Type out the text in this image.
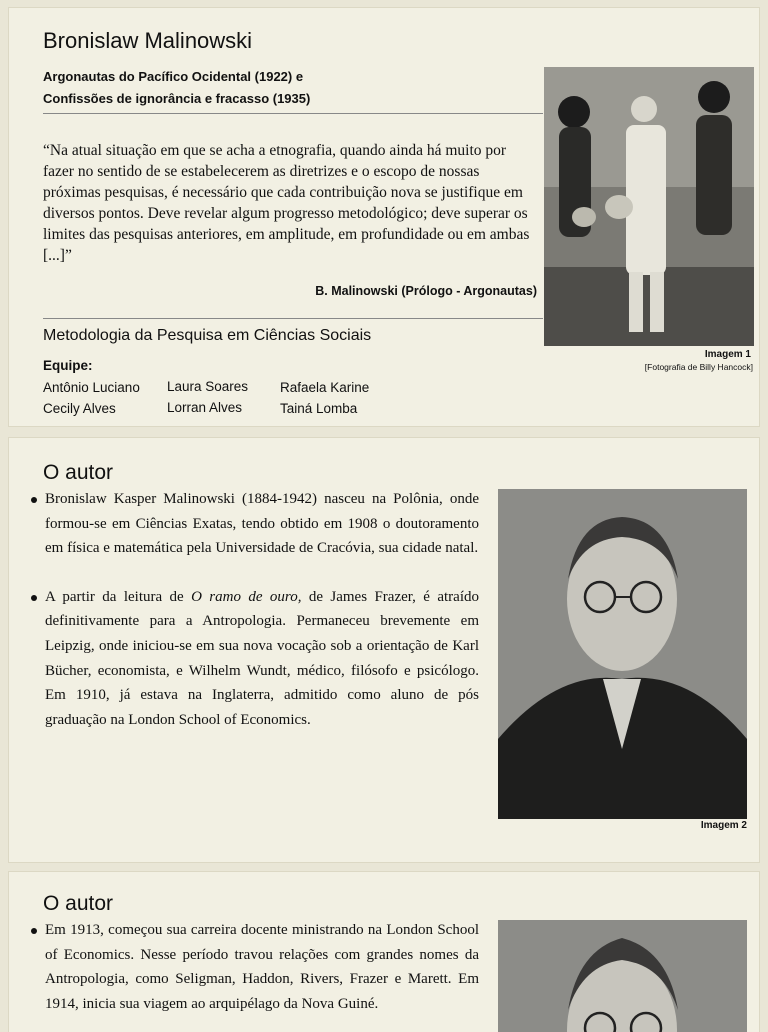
Bronislaw Malinowski
Argonautas do Pacífico Ocidental (1922) e
Confissões de ignorância e fracasso (1935)
“Na atual situação em que se acha a etnografia, quando ainda há muito por fazer no sentido de se estabelecerem as diretrizes e o escopo de nossas próximas pesquisas, é necessário que cada contribuição nova se justifique em diversos pontos. Deve revelar algum progresso metodológico; deve superar os limites das pesquisas anteriores, em amplitude, em profundidade ou em ambas [...]”
B. Malinowski (Prólogo - Argonautas)
Metodologia da Pesquisa em Ciências Sociais
Equipe:
Antônio Luciano Laura Soares Rafaela Karine
Cecily Alves	Lorran Alves	Tainá Lomba
Imagem 1
[Fotografia de Billy Hancock]
O autor
Bronislaw Kasper Malinowski (1884-1942) nasceu na Polônia, onde formou-se em Ciências Exatas, tendo obtido em 1908 o doutoramento em física e matemática pela Universidade de Cracóvia, sua cidade natal.
A partir da leitura de O ramo de ouro, de James Frazer, é atraído definitivamente para a Antropologia. Permaneceu brevemente em Leipzig, onde iniciou-se em sua nova vocação sob a orientação de Karl Bücher, economista, e Wilhelm Wundt, médico, filósofo e psicólogo. Em 1910, já estava na Inglaterra, admitido como aluno de pós graduação na London School of Economics.
Imagem 2
O autor
Em 1913, começou sua carreira docente ministrando na London School of Economics. Nesse período travou relações com grandes nomes da Antropologia, como Seligman, Haddon, Rivers, Frazer e Marett. Em 1914, inicia sua viagem ao arquipélago da Nova Guiné.
